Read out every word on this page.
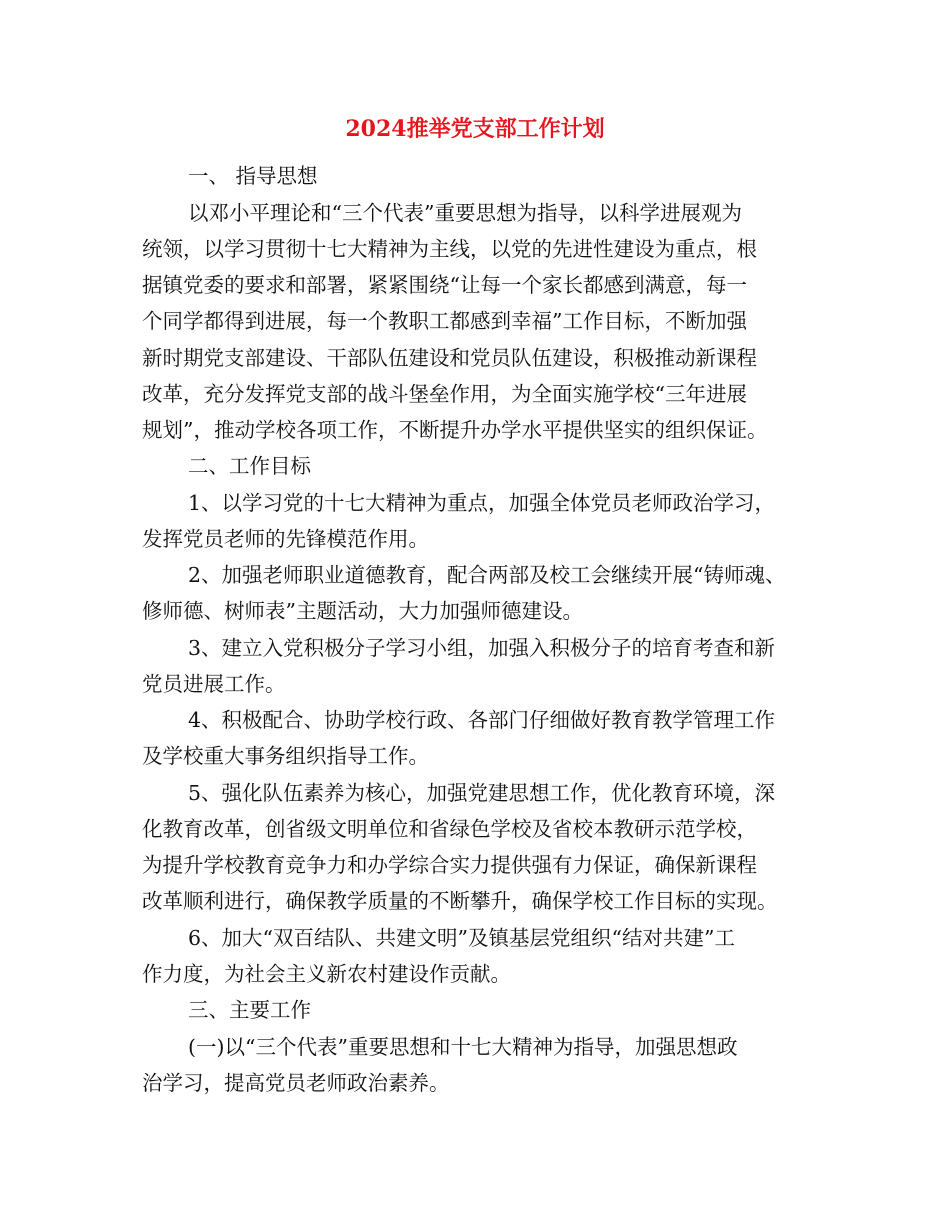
2024推举党支部工作计划
一、 指导思想
以邓小平理论和“三个代表”重要思想为指导，以科学进展观为
统领，以学习贯彻十七大精神为主线，以党的先进性建设为重点，根
据镇党委的要求和部署，紧紧围绕“让每一个家长都感到满意，每一
个同学都得到进展，每一个教职工都感到幸福”工作目标，不断加强
新时期党支部建设、干部队伍建设和党员队伍建设，积极推动新课程
改革，充分发挥党支部的战斗堡垒作用，为全面实施学校“三年进展
规划”，推动学校各项工作，不断提升办学水平提供坚实的组织保证。
二、工作目标
1、以学习党的十七大精神为重点，加强全体党员老师政治学习，
发挥党员老师的先锋模范作用。
2、加强老师职业道德教育，配合两部及校工会继续开展“铸师魂、
修师德、树师表”主题活动，大力加强师德建设。
3、建立入党积极分子学习小组，加强入积极分子的培育考查和新
党员进展工作。
4、积极配合、协助学校行政、各部门仔细做好教育教学管理工作
及学校重大事务组织指导工作。
5、强化队伍素养为核心，加强党建思想工作，优化教育环境，深
化教育改革，创省级文明单位和省绿色学校及省校本教研示范学校，
为提升学校教育竞争力和办学综合实力提供强有力保证，确保新课程
改革顺利进行，确保教学质量的不断攀升，确保学校工作目标的实现。
6、加大“双百结队、共建文明”及镇基层党组织“结对共建”工
作力度，为社会主义新农村建设作贡献。
三、主要工作
(一)以“三个代表”重要思想和十七大精神为指导，加强思想政
治学习，提高党员老师政治素养。
